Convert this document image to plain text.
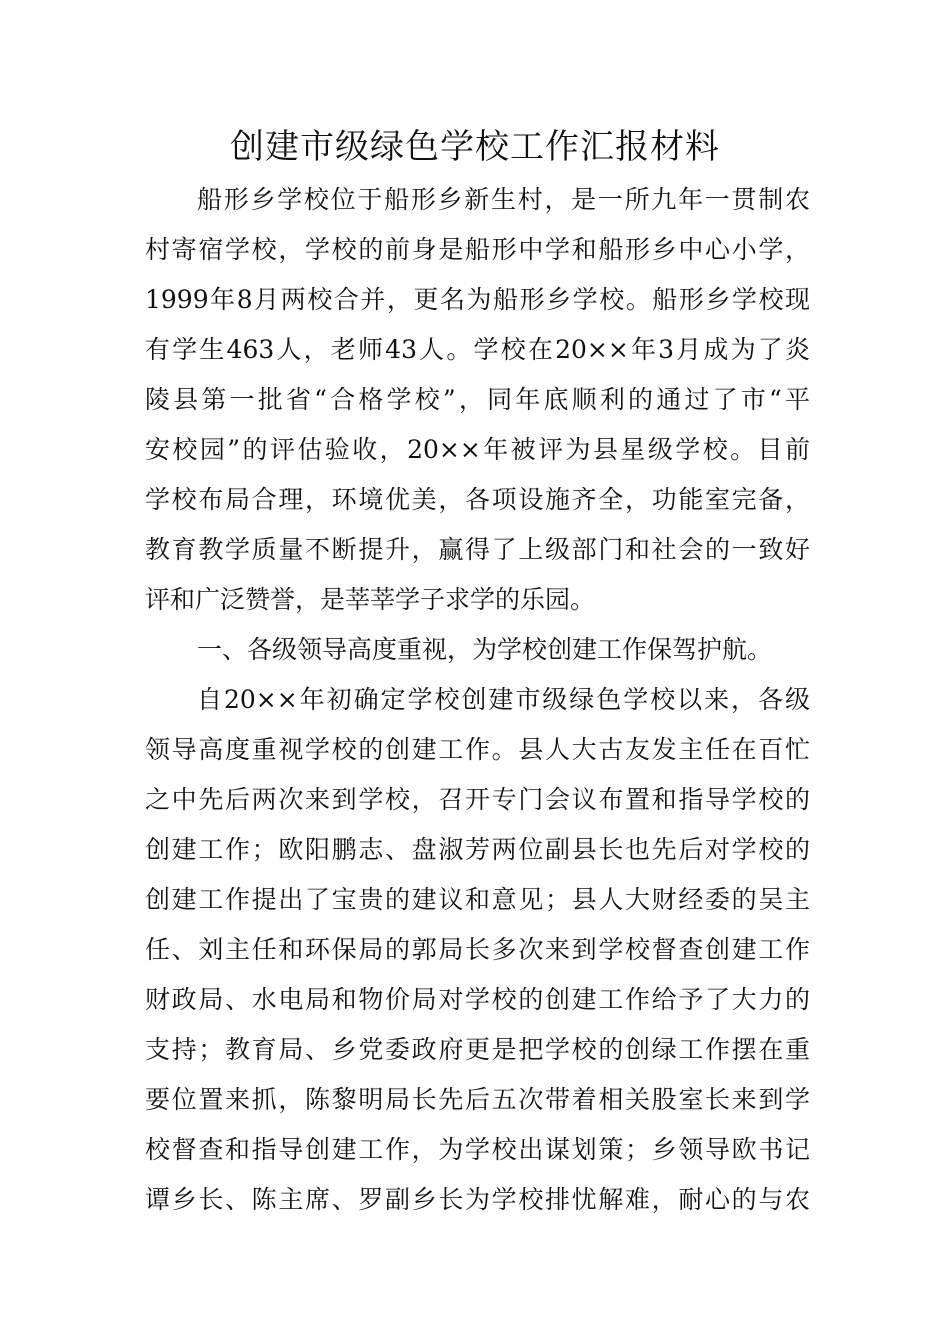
创建市级绿色学校工作汇报材料
船形乡学校位于船形乡新生村，是一所九年一贯制农
村寄宿学校，学校的前身是船形中学和船形乡中心小学，
1999年8月两校合并，更名为船形乡学校。船形乡学校现
有学生463人，老师43人。学校在20××年3月成为了炎
陵县第一批省“合格学校”，同年底顺利的通过了市“平
安校园”的评估验收，20××年被评为县星级学校。目前
学校布局合理，环境优美，各项设施齐全，功能室完备，
教育教学质量不断提升，赢得了上级部门和社会的一致好
评和广泛赞誉，是莘莘学子求学的乐园。
一、各级领导高度重视，为学校创建工作保驾护航。
自20××年初确定学校创建市级绿色学校以来，各级
领导高度重视学校的创建工作。县人大古友发主任在百忙
之中先后两次来到学校，召开专门会议布置和指导学校的
创建工作；欧阳鹏志、盘淑芳两位副县长也先后对学校的
创建工作提出了宝贵的建议和意见；县人大财经委的吴主
任、刘主任和环保局的郭局长多次来到学校督查创建工作
财政局、水电局和物价局对学校的创建工作给予了大力的
支持；教育局、乡党委政府更是把学校的创绿工作摆在重
要位置来抓，陈黎明局长先后五次带着相关股室长来到学
校督查和指导创建工作，为学校出谋划策；乡领导欧书记
谭乡长、陈主席、罗副乡长为学校排忧解难，耐心的与农
